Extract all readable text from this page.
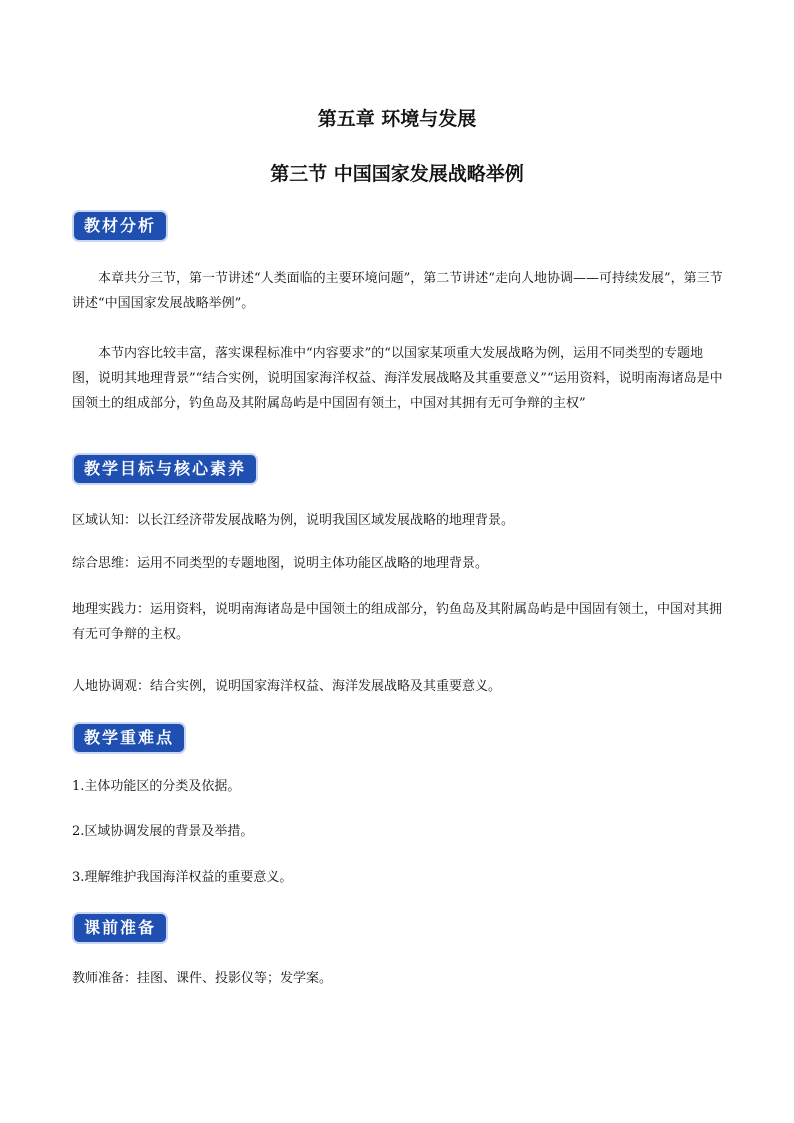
第五章 环境与发展
第三节 中国国家发展战略举例
教材分析

本章共分三节，第一节讲述“人类面临的主要环境问题”，第二节讲述“走向人地协调——可持续发展”，第三节讲述“中国国家发展战略举例”。

本节内容比较丰富，落实课程标准中“内容要求”的“以国家某项重大发展战略为例，运用不同类型的专题地图，说明其地理背景”“结合实例，说明国家海洋权益、海洋发展战略及其重要意义”“运用资料，说明南海诸岛是中国领土的组成部分，钓鱼岛及其附属岛屿是中国固有领土，中国对其拥有无可争辩的主权”

教学目标与核心素养
区域认知：以长江经济带发展战略为例，说明我国区域发展战略的地理背景。
综合思维：运用不同类型的专题地图，说明主体功能区战略的地理背景。

地理实践力：运用资料，说明南海诸岛是中国领土的组成部分，钓鱼岛及其附属岛屿是中国固有领土，中国对其拥有无可争辩的主权。

人地协调观：结合实例，说明国家海洋权益、海洋发展战略及其重要意义。
教学重难点
1.主体功能区的分类及依据。
2.区域协调发展的背景及举措。
3.理解维护我国海洋权益的重要意义。
课前准备
教师准备：挂图、课件、投影仪等；发学案。
